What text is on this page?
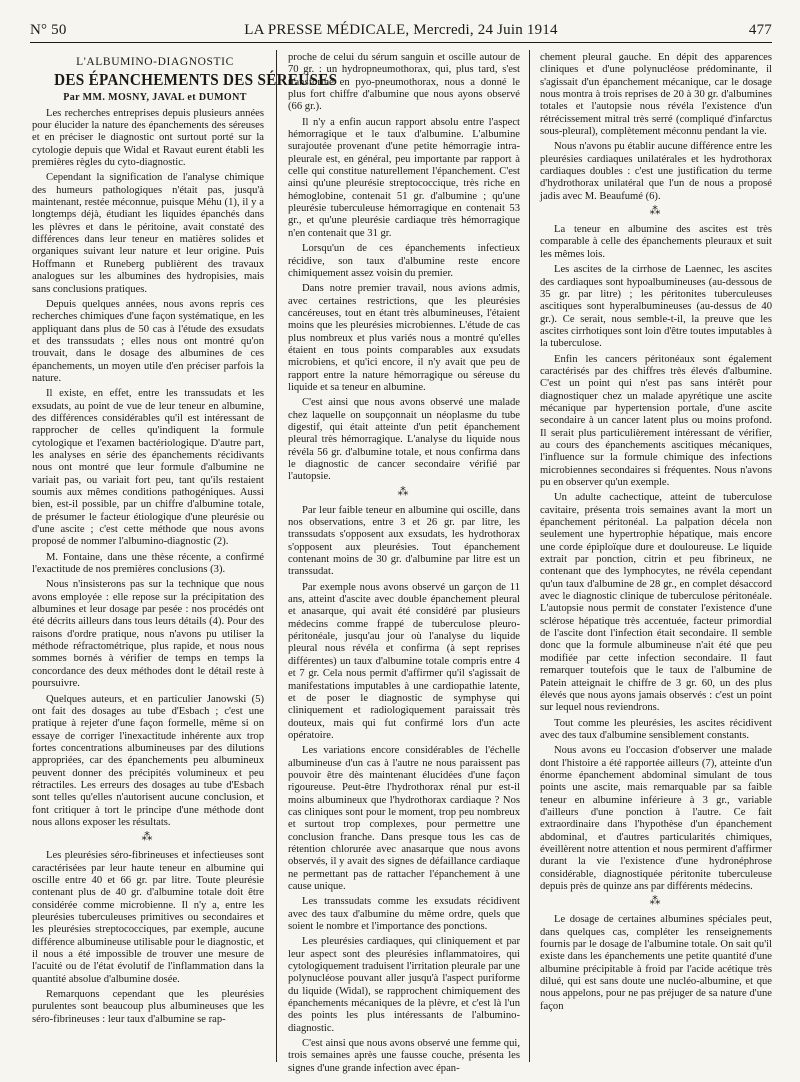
N° 50	LA PRESSE MÉDICALE, Mercredi, 24 Juin 1914	477

L'ALBUMINO-DIAGNOSTIC

DES ÉPANCHEMENTS DES SÉREUSES

Par MM. MOSNY, JAVAL et DUMONT

Les recherches entreprises depuis plusieurs années pour élucider la nature des épanchements des séreuses et en préciser le diagnostic ont surtout porté sur la cytologie depuis que Widal et Ravaut eurent établi les premières règles du cyto-diagnostic.

Cependant la signification de l'analyse chimique des humeurs pathologiques n'était pas, jusqu'à maintenant, restée méconnue, puisque Méhu (1), il y a longtemps déjà, étudiant les liquides épanchés dans les plèvres et dans le péritoine, avait constaté des différences dans leur teneur en matières solides et organiques suivant leur nature et leur origine. Puis Hoffmann et Runeberg publièrent des travaux analogues sur les albumines des hydropisies, mais sans conclusions pratiques.

Depuis quelques années, nous avons repris ces recherches chimiques d'une façon systématique, en les appliquant dans plus de 50 cas à l'étude des exsudats et des transsudats ; elles nous ont montré qu'on trouvait, dans le dosage des albumines de ces épanchements, un moyen utile d'en préciser parfois la nature.

Il existe, en effet, entre les transsudats et les exsudats, au point de vue de leur teneur en albumine, des différences considérables qu'il est intéressant de rapprocher de celles qu'indiquent la formule cytologique et l'examen bactériologique. D'autre part, les analyses en série des épanchements récidivants nous ont montré que leur formule d'albumine ne variait pas, ou variait fort peu, tant qu'ils restaient soumis aux mêmes conditions pathogéniques. Aussi bien, est-il possible, par un chiffre d'albumine totale, de présumer le facteur étiologique d'une pleurésie ou d'une ascite ; c'est cette méthode que nous avons proposé de nommer l'albumino-diagnostic (2).

M. Fontaine, dans une thèse récente, a confirmé l'exactitude de nos premières conclusions (3).

Nous n'insisterons pas sur la technique que nous avons employée : elle repose sur la précipitation des albumines et leur dosage par pesée : nos procédés ont été décrits ailleurs dans tous leurs détails (4). Pour des raisons d'ordre pratique, nous n'avons pu utiliser la méthode réfractométrique, plus rapide, et nous nous sommes bornés à vérifier de temps en temps la concordance des deux méthodes dont le détail reste à poursuivre.

Quelques auteurs, et en particulier Janowski (5) ont fait des dosages au tube d'Esbach ; c'est une pratique à rejeter d'une façon formelle, même si on essaye de corriger l'inexactitude inhérente aux trop fortes concentrations albumineuses par des dilutions appropriées, car des épanchements peu albumineux peuvent donner des précipités volumineux et peu rétractiles. Les erreurs des dosages au tube d'Esbach sont telles qu'elles n'autorisent aucune conclusion, et font critiquer à tort le principe d'une méthode dont nous allons exposer les résultats.

⁂

Les pleurésies séro-fibrineuses et infectieuses sont caractérisées par leur haute teneur en albumine qui oscille entre 40 et 66 gr. par litre. Toute pleurésie contenant plus de 40 gr. d'albumine totale doit être considérée comme microbienne. Il n'y a, entre les pleurésies tuberculeuses primitives ou secondaires et les pleurésies streptococciques, par exemple, aucune différence albumineuse utilisable pour le diagnostic, et il nous a été impossible de trouver une mesure de l'acuité ou de l'état évolutif de l'inflammation dans la quantité absolue d'albumine dosée.

Remarquons cependant que les pleurésies purulentes sont beaucoup plus albumineuses que les séro-fibrineuses : leur taux d'albumine se rap-

proche de celui du sérum sanguin et oscille autour de 70 gr. : un hydropneumothorax, qui, plus tard, s'est transformé en pyo-pneumothorax, nous a donné le plus fort chiffre d'albumine que nous ayons observé (66 gr.).

Il n'y a enfin aucun rapport absolu entre l'aspect hémorragique et le taux d'albumine. L'albumine surajoutée provenant d'une petite hémorragie intra-pleurale est, en général, peu importante par rapport à celle qui constitue naturellement l'épanchement. C'est ainsi qu'une pleurésie streptococcique, très riche en hémoglobine, contenait 51 gr. d'albumine ; qu'une pleurésie tuberculeuse hémorragique en contenait 53 gr., et qu'une pleurésie cardiaque très hémorragique n'en contenait que 31 gr.

Lorsqu'un de ces épanchements infectieux récidive, son taux d'albumine reste encore chimiquement assez voisin du premier.

Dans notre premier travail, nous avions admis, avec certaines restrictions, que les pleurésies cancéreuses, tout en étant très albumineuses, l'étaient moins que les pleurésies microbiennes. L'étude de cas plus nombreux et plus variés nous a montré qu'elles étaient en tous points comparables aux exsudats microbiens, et qu'ici encore, il n'y avait que peu de rapport entre la nature hémorragique ou séreuse du liquide et sa teneur en albumine.

C'est ainsi que nous avons observé une malade chez laquelle on soupçonnait un néoplasme du tube digestif, qui était atteinte d'un petit épanchement pleural très hémorragique. L'analyse du liquide nous révéla 56 gr. d'albumine totale, et nous confirma dans le diagnostic de cancer secondaire vérifié par l'autopsie.

⁂

Par leur faible teneur en albumine qui oscille, dans nos observations, entre 3 et 26 gr. par litre, les transsudats s'opposent aux exsudats, les hydrothorax s'opposent aux pleurésies. Tout épanchement contenant moins de 30 gr. d'albumine par litre est un transsudat.

Par exemple nous avons observé un garçon de 11 ans, atteint d'ascite avec double épanchement pleural et anasarque, qui avait été considéré par plusieurs médecins comme frappé de tuberculose pleuro-péritonéale, jusqu'au jour où l'analyse du liquide pleural nous révéla et confirma (à sept reprises différentes) un taux d'albumine totale compris entre 4 et 7 gr. Cela nous permit d'affirmer qu'il s'agissait de manifestations imputables à une cardiopathie latente, et de poser le diagnostic de symphyse qui cliniquement et radiologiquement paraissait très douteux, mais qui fut confirmé lors d'un acte opératoire.

Les variations encore considérables de l'échelle albumineuse d'un cas à l'autre ne nous paraissent pas pouvoir être dès maintenant élucidées d'une façon rigoureuse. Peut-être l'hydrothorax rénal pur est-il moins albumineux que l'hydrothorax cardiaque ? Nos cas cliniques sont pour le moment, trop peu nombreux et surtout trop complexes, pour permettre une conclusion franche. Dans presque tous les cas de rétention chlorurée avec anasarque que nous avons observés, il y avait des signes de défaillance cardiaque ne permettant pas de rattacher l'épanchement à une cause unique.

Les transsudats comme les exsudats récidivent avec des taux d'albumine du même ordre, quels que soient le nombre et l'importance des ponctions.

Les pleurésies cardiaques, qui cliniquement et par leur aspect sont des pleurésies inflammatoires, qui cytologiquement traduisent l'irritation pleurale par une polynucléose pouvant aller jusqu'à l'aspect puriforme du liquide (Widal), se rapprochent chimiquement des épanchements mécaniques de la plèvre, et c'est là l'un des points les plus intéressants de l'albumino-diagnostic.

C'est ainsi que nous avons observé une femme qui, trois semaines après une fausse couche, présenta les signes d'une grande infection avec épan-

chement pleural gauche. En dépit des apparences cliniques et d'une polynucléose prédominante, il s'agissait d'un épanchement mécanique, car le dosage nous montra à trois reprises de 20 à 30 gr. d'albumines totales et l'autopsie nous révéla l'existence d'un rétrécissement mitral très serré (compliqué d'infarctus sous-pleural), complètement méconnu pendant la vie.

Nous n'avons pu établir aucune différence entre les pleurésies cardiaques unilatérales et les hydrothorax cardiaques doubles : c'est une justification du terme d'hydrothorax unilatéral que l'un de nous a proposé jadis avec M. Beaufumé (6).

⁂

La teneur en albumine des ascites est très comparable à celle des épanchements pleuraux et suit les mêmes lois.

Les ascites de la cirrhose de Laennec, les ascites des cardiaques sont hypoalbumineuses (au-dessous de 35 gr. par litre) ; les péritonites tuberculeuses ascitiques sont hyperalbumineuses (au-dessus de 40 gr.). Ce serait, nous semble-t-il, la preuve que les ascites cirrhotiques sont loin d'être toutes imputables à la tuberculose.

Enfin les cancers péritonéaux sont également caractérisés par des chiffres très élevés d'albumine. C'est un point qui n'est pas sans intérêt pour diagnostiquer chez un malade apyrétique une ascite mécanique par hypertension portale, d'une ascite secondaire à un cancer latent plus ou moins profond. Il serait plus particulièrement intéressant de vérifier, au cours des épanchements ascitiques mécaniques, l'influence sur la formule chimique des infections microbiennes secondaires si fréquentes. Nous n'avons pu en observer qu'un exemple.

Un adulte cachectique, atteint de tuberculose cavitaire, présenta trois semaines avant la mort un épanchement péritonéal. La palpation décela non seulement une hypertrophie hépatique, mais encore une corde épiploïque dure et douloureuse. Le liquide extrait par ponction, citrin et peu fibrineux, ne contenant que des lymphocytes, ne révéla cependant qu'un taux d'albumine de 28 gr., en complet désaccord avec le diagnostic clinique de tuberculose péritonéale. L'autopsie nous permit de constater l'existence d'une sclérose hépatique très accentuée, facteur primordial de l'ascite dont l'infection était secondaire. Il semble donc que la formule albumineuse n'ait été que peu modifiée par cette infection secondaire. Il faut remarquer toutefois que le taux de l'albumine de Patein atteignait le chiffre de 3 gr. 60, un des plus élevés que nous ayons jamais observés : c'est un point sur lequel nous reviendrons.

Tout comme les pleurésies, les ascites récidivent avec des taux d'albumine sensiblement constants.

Nous avons eu l'occasion d'observer une malade dont l'histoire a été rapportée ailleurs (7), atteinte d'un énorme épanchement abdominal simulant de tous points une ascite, mais remarquable par sa faible teneur en albumine inférieure à 3 gr., variable d'ailleurs d'une ponction à l'autre. Ce fait extraordinaire dans l'hypothèse d'un épanchement abdominal, et d'autres particularités chimiques, éveillèrent notre attention et nous permirent d'affirmer durant la vie l'existence d'une hydronéphrose considérable, diagnostiquée péritonite tuberculeuse depuis près de quinze ans par différents médecins.

⁂

Le dosage de certaines albumines spéciales peut, dans quelques cas, compléter les renseignements fournis par le dosage de l'albumine totale. On sait qu'il existe dans les épanchements une petite quantité d'une albumine précipitable à froid par l'acide acétique très dilué, qui est sans doute une nucléo-albumine, et que nous appelons, pour ne pas préjuger de sa nature d'une façon
